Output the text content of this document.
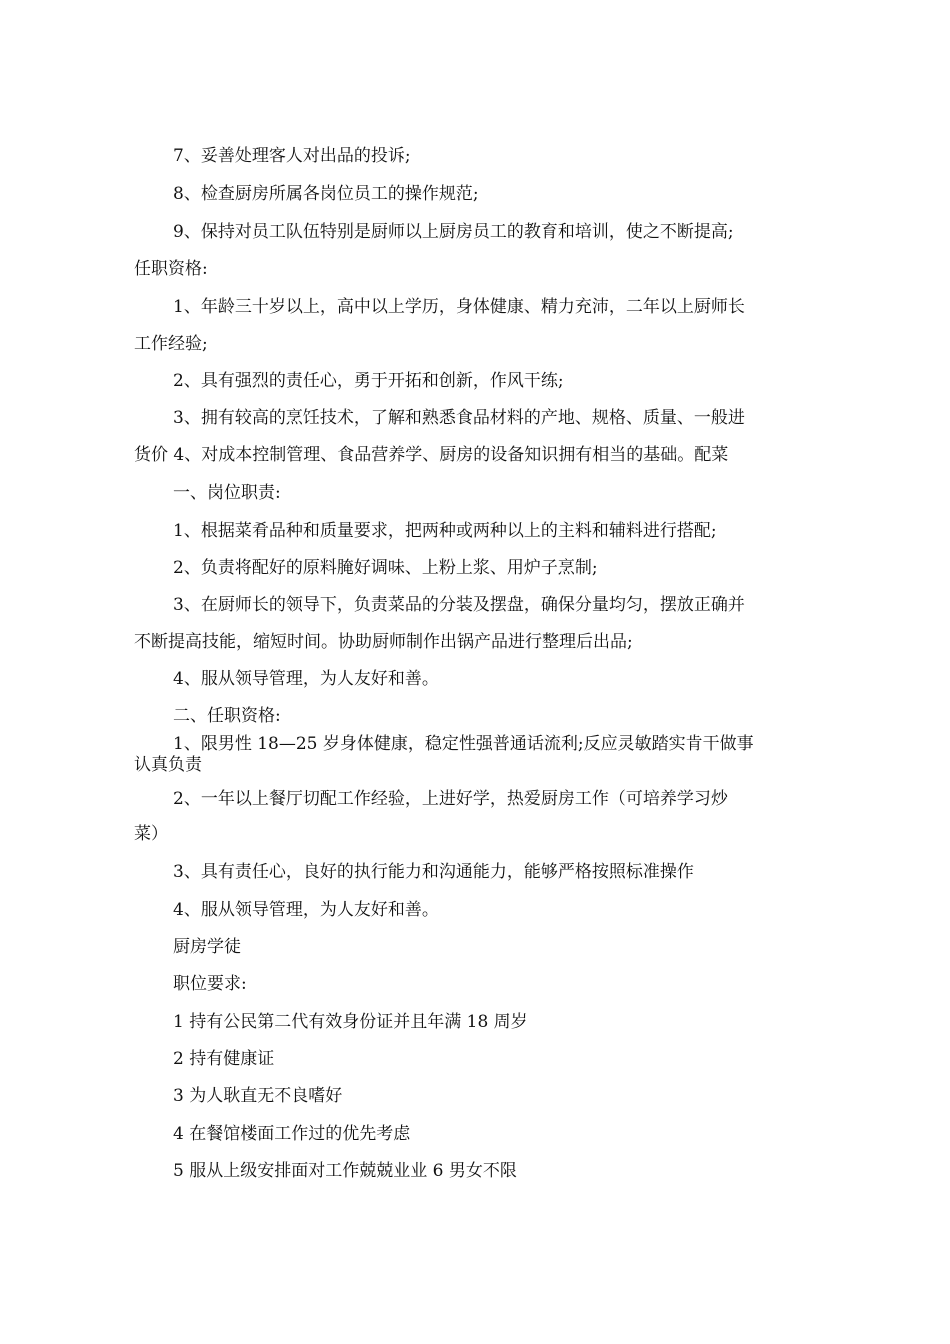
7、妥善处理客人对出品的投诉;
8、检查厨房所属各岗位员工的操作规范;
9、保持对员工队伍特别是厨师以上厨房员工的教育和培训，使之不断提高;
任职资格:
1、年龄三十岁以上，高中以上学历，身体健康、精力充沛，二年以上厨师长
工作经验;
2、具有强烈的责任心，勇于开拓和创新，作风干练;
3、拥有较高的烹饪技术，了解和熟悉食品材料的产地、规格、质量、一般进
货价 4、对成本控制管理、食品营养学、厨房的设备知识拥有相当的基础。配菜
一、岗位职责:
1、根据菜肴品种和质量要求，把两种或两种以上的主料和辅料进行搭配;
2、负责将配好的原料腌好调味、上粉上浆、用炉子烹制;
3、在厨师长的领导下，负责菜品的分装及摆盘，确保分量均匀，摆放正确并
不断提高技能，缩短时间。协助厨师制作出锅产品进行整理后出品;
4、服从领导管理，为人友好和善。
二、任职资格:
1、限男性 18—25 岁身体健康，稳定性强普通话流利;反应灵敏踏实肯干做事
认真负责
2、一年以上餐厅切配工作经验，上进好学，热爱厨房工作（可培养学习炒
菜）
3、具有责任心，良好的执行能力和沟通能力，能够严格按照标准操作
4、服从领导管理，为人友好和善。
厨房学徒
职位要求:
1 持有公民第二代有效身份证并且年满 18 周岁
2 持有健康证
3 为人耿直无不良嗜好
4 在餐馆楼面工作过的优先考虑
5 服从上级安排面对工作兢兢业业 6 男女不限
